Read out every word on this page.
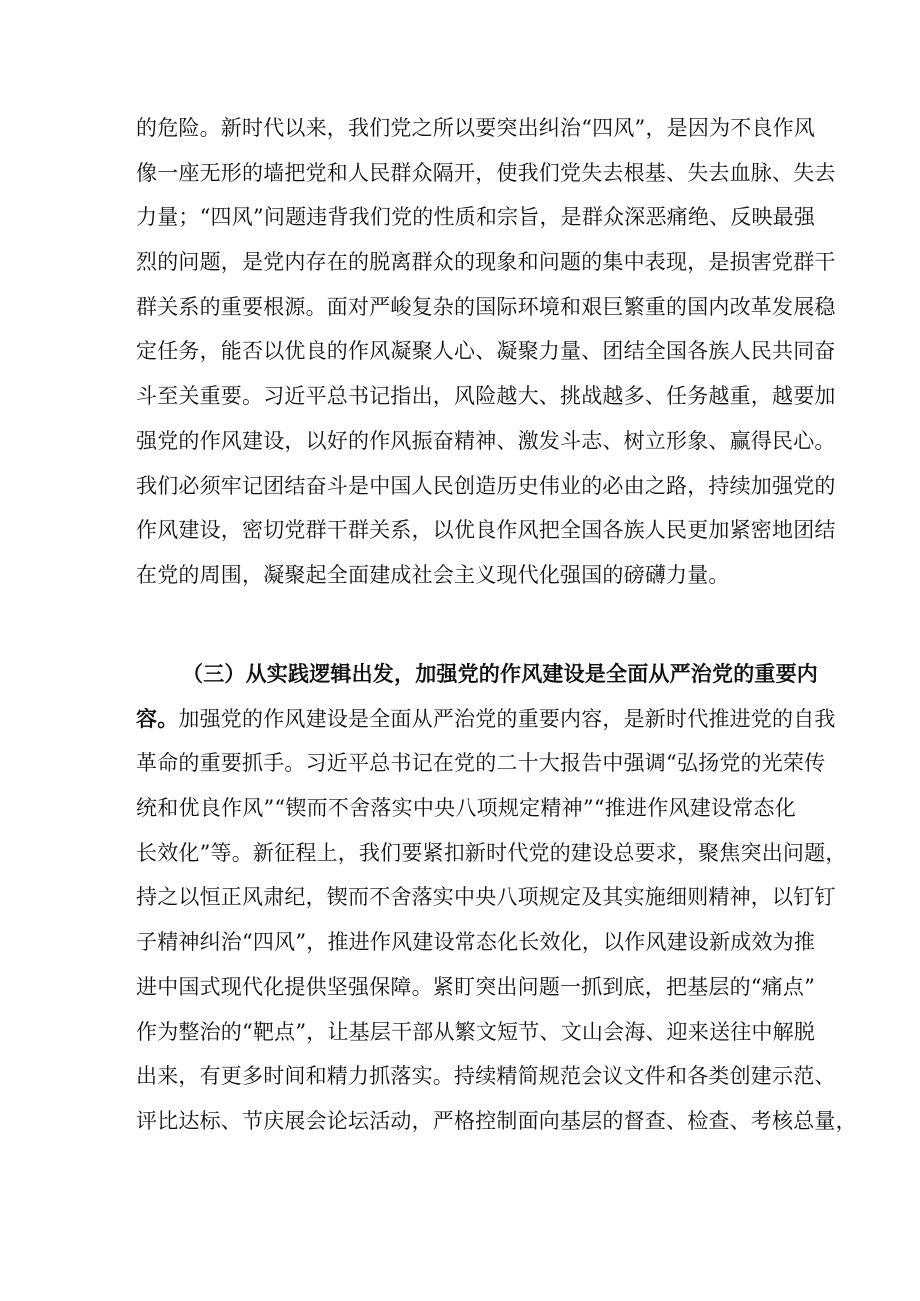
的危险。新时代以来，我们党之所以要突出纠治“四风”，是因为不良作风
像一座无形的墙把党和人民群众隔开，使我们党失去根基、失去血脉、失去
力量；“四风”问题违背我们党的性质和宗旨，是群众深恶痛绝、反映最强
烈的问题，是党内存在的脱离群众的现象和问题的集中表现，是损害党群干
群关系的重要根源。面对严峻复杂的国际环境和艰巨繁重的国内改革发展稳
定任务，能否以优良的作风凝聚人心、凝聚力量、团结全国各族人民共同奋
斗至关重要。习近平总书记指出，风险越大、挑战越多、任务越重，越要加
强党的作风建设，以好的作风振奋精神、激发斗志、树立形象、赢得民心。
我们必须牢记团结奋斗是中国人民创造历史伟业的必由之路，持续加强党的
作风建设，密切党群干群关系，以优良作风把全国各族人民更加紧密地团结
在党的周围，凝聚起全面建成社会主义现代化强国的磅礴力量。
（三）从实践逻辑出发，加强党的作风建设是全面从严治党的重要内
容。加强党的作风建设是全面从严治党的重要内容，是新时代推进党的自我
革命的重要抓手。习近平总书记在党的二十大报告中强调“弘扬党的光荣传
统和优良作风”“锲而不舍落实中央八项规定精神”“推进作风建设常态化
长效化”等。新征程上，我们要紧扣新时代党的建设总要求，聚焦突出问题，
持之以恒正风肃纪，锲而不舍落实中央八项规定及其实施细则精神，以钉钉
子精神纠治“四风”，推进作风建设常态化长效化，以作风建设新成效为推
进中国式现代化提供坚强保障。紧盯突出问题一抓到底，把基层的“痛点”
作为整治的“靶点”，让基层干部从繁文短节、文山会海、迎来送往中解脱
出来，有更多时间和精力抓落实。持续精简规范会议文件和各类创建示范、
评比达标、节庆展会论坛活动，严格控制面向基层的督查、检查、考核总量，
